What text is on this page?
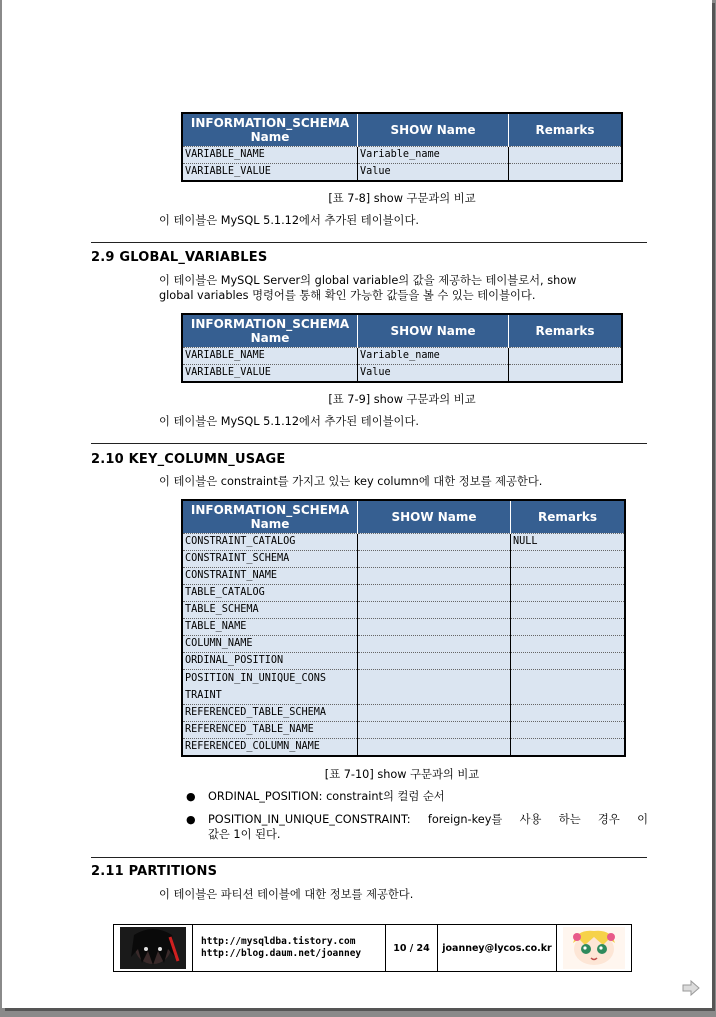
INFORMATION_SCHEMA
Name	SHOW Name	Remarks
VARIABLE_NAME	Variable_name	
VARIABLE_VALUE	Value	
[표 7-8] show 구문과의 비교
이 테이블은 MySQL 5.1.12에서 추가된 테이블이다.
2.9 GLOBAL_VARIABLES
이 테이블은 MySQL Server의 global variable의 값을 제공하는 테이블로서, show
global variables 명령어를 통해 확인 가능한 값들을 볼 수 있는 테이블이다.
INFORMATION_SCHEMA
Name	SHOW Name	Remarks
VARIABLE_NAME	Variable_name	
VARIABLE_VALUE	Value	
[표 7-9] show 구문과의 비교
이 테이블은 MySQL 5.1.12에서 추가된 테이블이다.
2.10 KEY_COLUMN_USAGE
이 테이블은 constraint를 가지고 있는 key column에 대한 정보를 제공한다.
INFORMATION_SCHEMA
Name	SHOW Name	Remarks
CONSTRAINT_CATALOG		NULL
CONSTRAINT_SCHEMA		
CONSTRAINT_NAME		
TABLE_CATALOG		
TABLE_SCHEMA		
TABLE_NAME		
COLUMN_NAME		
ORDINAL_POSITION		
POSITION_IN_UNIQUE_CONS
TRAINT		
REFERENCED_TABLE_SCHEMA		
REFERENCED_TABLE_NAME		
REFERENCED_COLUMN_NAME		
[표 7-10] show 구문과의 비교
● ORDINAL_POSITION: constraint의 컬럼 순서
● POSITION_IN_UNIQUE_CONSTRAINT: foreign-key를 사용 하는 경우 이
값은 1이 된다.
2.11 PARTITIONS
이 테이블은 파티션 테이블에 대한 정보를 제공한다.
http://mysqldba.tistory.com
http://blog.daum.net/joanney	10 / 24	joanney@lycos.co.kr
